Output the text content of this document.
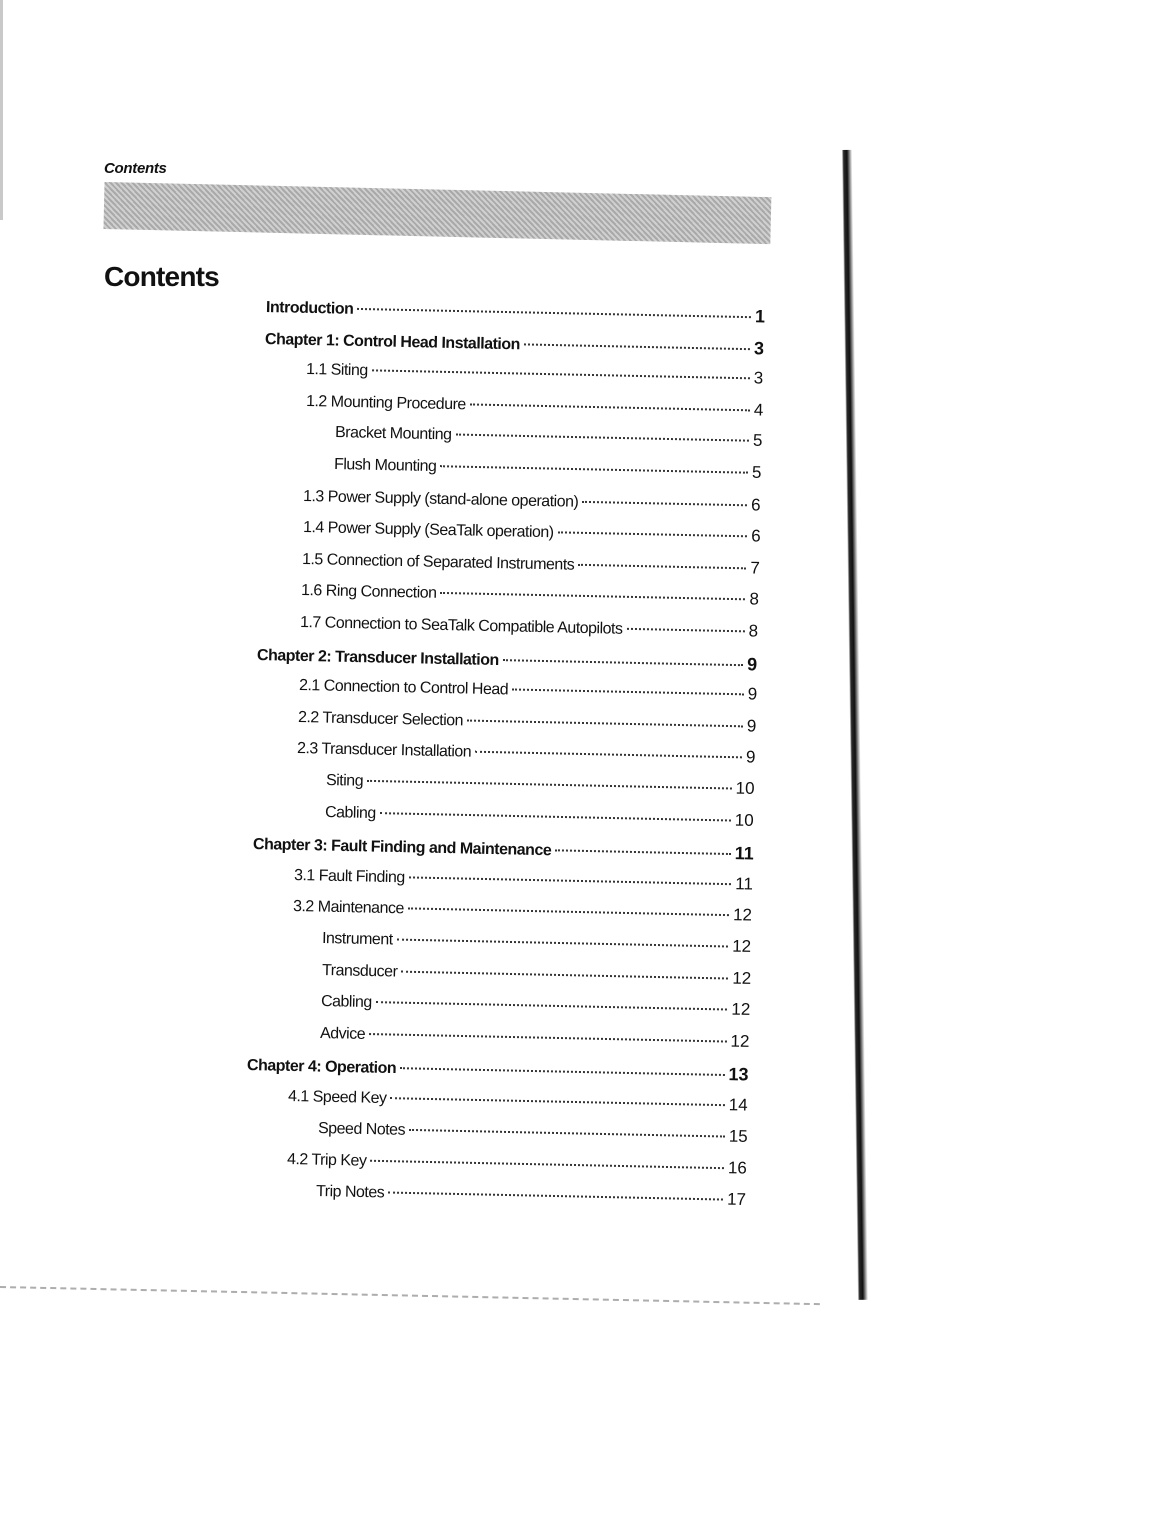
Contents
Contents
Introduction	1
Chapter 1: Control Head Installation	3
1.1 Siting	3
1.2 Mounting Procedure	4
Bracket Mounting	5
Flush Mounting	5
1.3 Power Supply (stand-alone operation)	6
1.4 Power Supply (SeaTalk operation)	6
1.5 Connection of Separated Instruments	7
1.6 Ring Connection	8
1.7 Connection to SeaTalk Compatible Autopilots	8
Chapter 2: Transducer Installation	9
2.1 Connection to Control Head	9
2.2 Transducer Selection	9
2.3 Transducer Installation	9
Siting	10
Cabling	10
Chapter 3: Fault Finding and Maintenance	11
3.1 Fault Finding	11
3.2 Maintenance	12
Instrument	12
Transducer	12
Cabling	12
Advice	12
Chapter 4: Operation	13
4.1 Speed Key	14
Speed Notes	15
4.2 Trip Key	16
Trip Notes	17
